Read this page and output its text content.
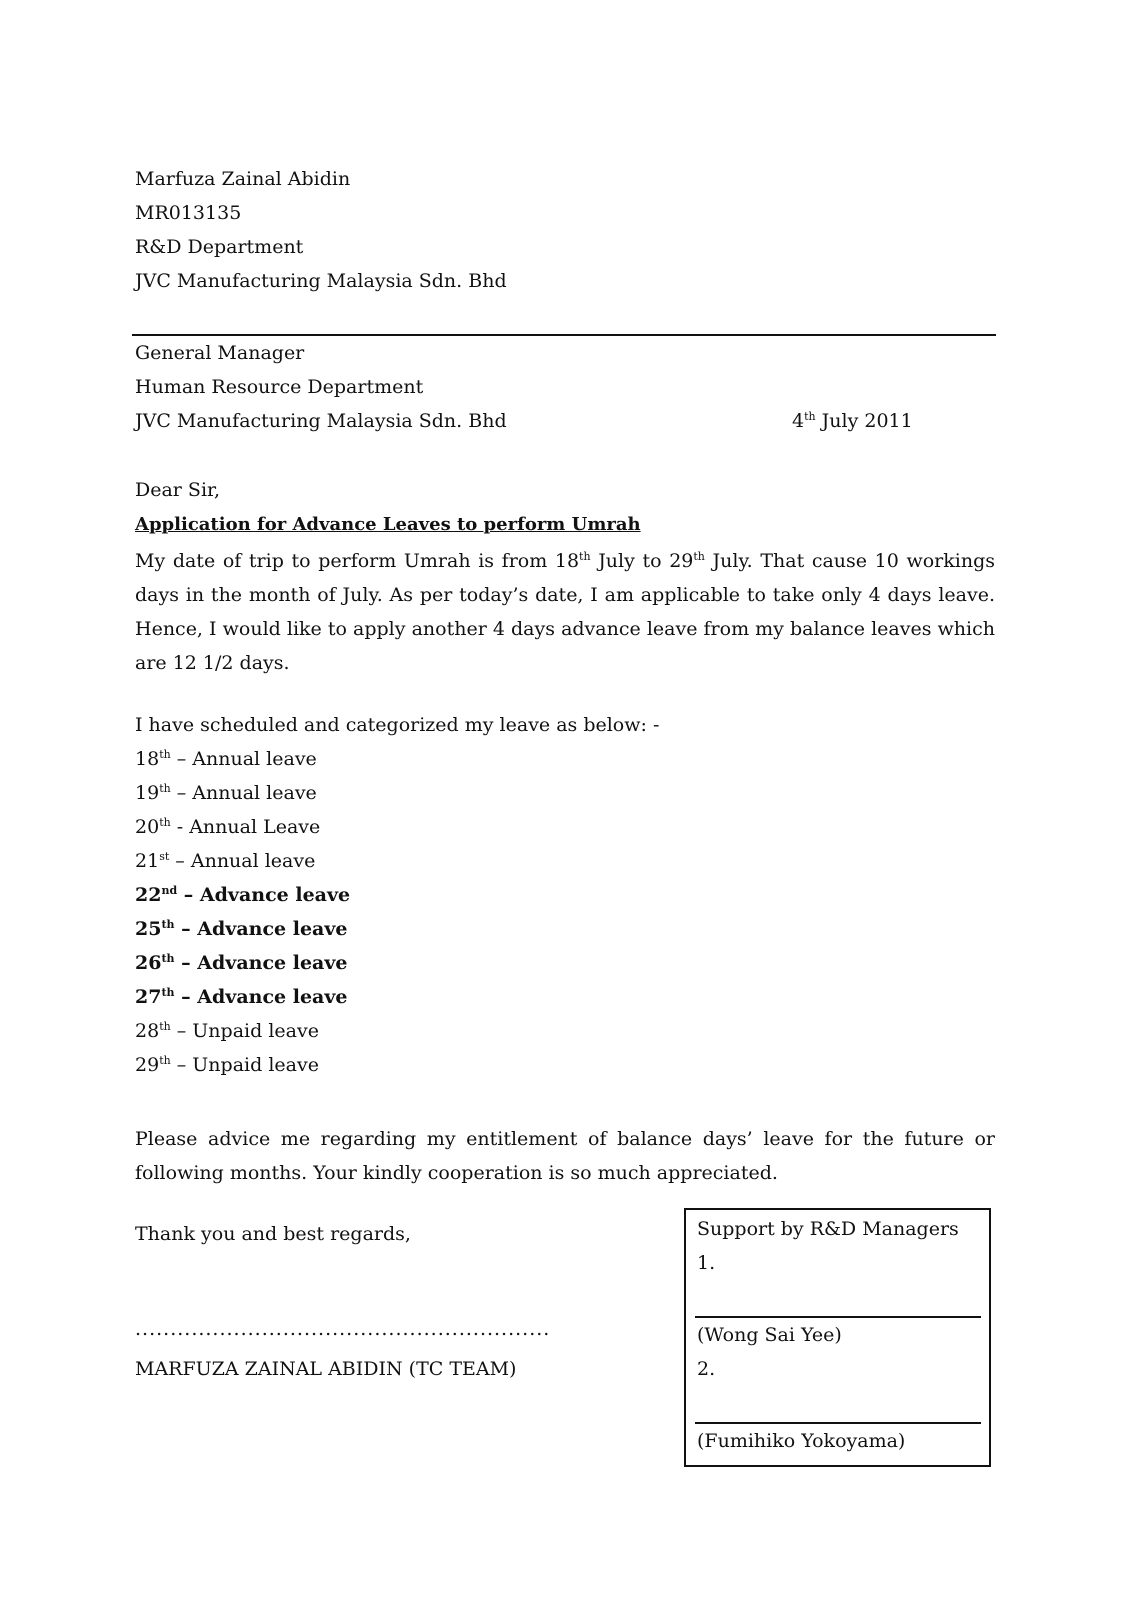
Marfuza Zainal Abidin
MR013135
R&D Department
JVC Manufacturing Malaysia Sdn. Bhd
General Manager
Human Resource Department
JVC Manufacturing Malaysia Sdn. Bhd	4th July 2011
Dear Sir,
Application for Advance Leaves to perform Umrah
My date of trip to perform Umrah is from 18th July to 29th July. That cause 10 workings days in the month of July. As per today’s date, I am applicable to take only 4 days leave. Hence, I would like to apply another 4 days advance leave from my balance leaves which are 12 1/2 days.
I have scheduled and categorized my leave as below: -
18th – Annual leave
19th – Annual leave
20th - Annual Leave
21st – Annual leave
22nd – Advance leave
25th – Advance leave
26th – Advance leave
27th – Advance leave
28th – Unpaid leave
29th – Unpaid leave
Please advice me regarding my entitlement of balance days’ leave for the future or following months. Your kindly cooperation is so much appreciated.
Thank you and best regards,
...........................................................
MARFUZA ZAINAL ABIDIN (TC TEAM)
Support by R&D Managers
1.
(Wong Sai Yee)
2.
(Fumihiko Yokoyama)
